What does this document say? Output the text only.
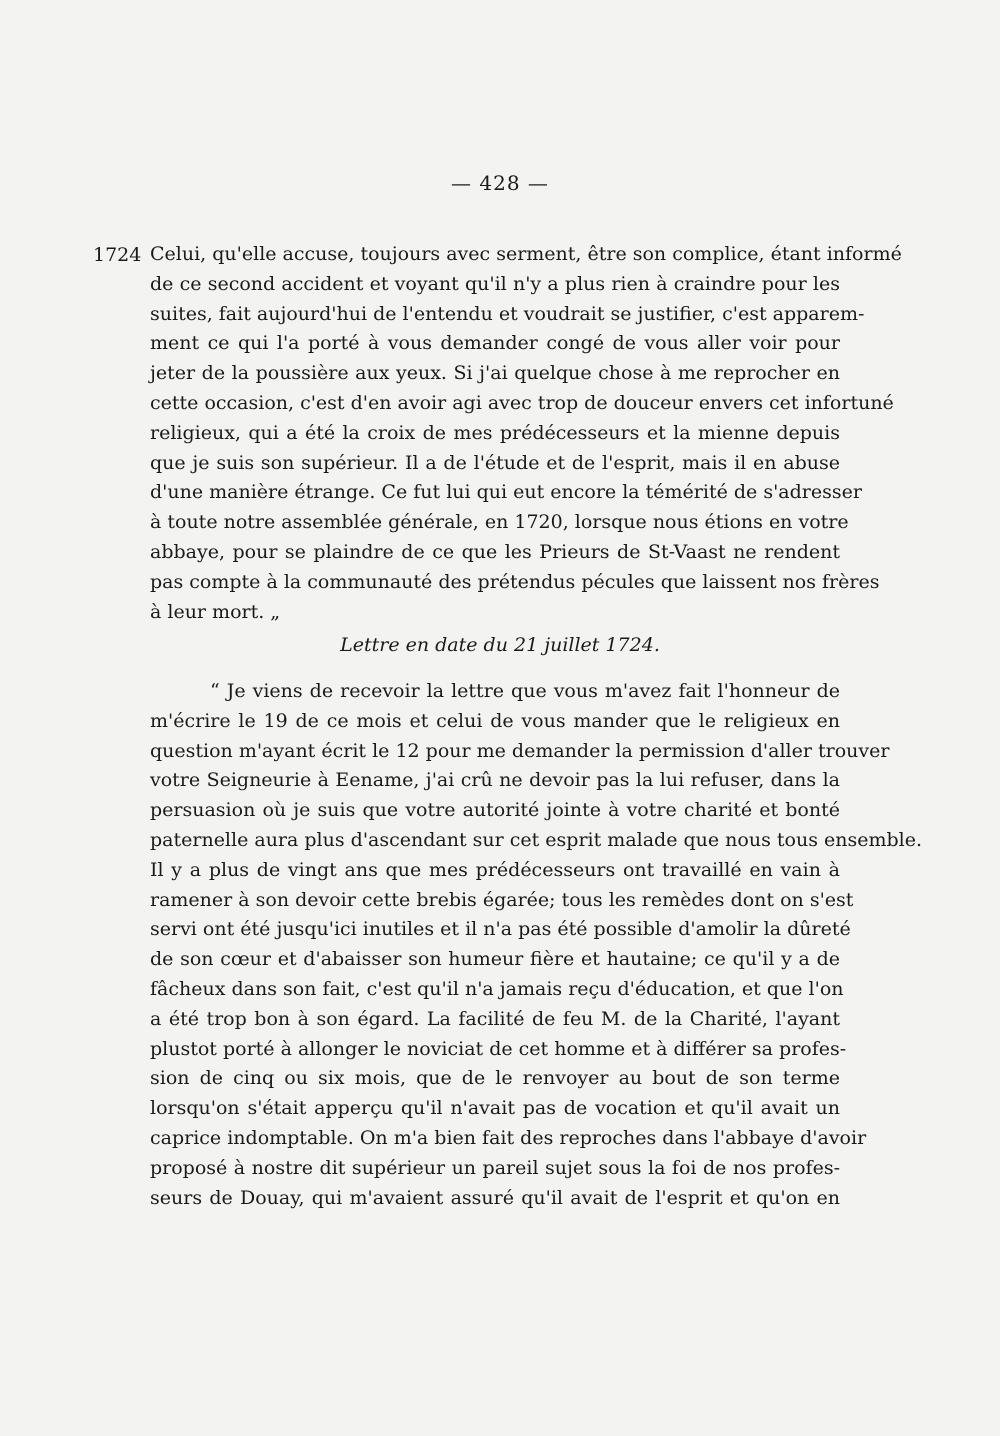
— 428 —
1724 Celui, qu'elle accuse, toujours avec serment, être son complice, étant informé
de ce second accident et voyant qu'il n'y a plus rien à craindre pour les
suites, fait aujourd'hui de l'entendu et voudrait se justifier, c'est apparem-
ment ce qui l'a porté à vous demander congé de vous aller voir pour
jeter de la poussière aux yeux. Si j'ai quelque chose à me reprocher en
cette occasion, c'est d'en avoir agi avec trop de douceur envers cet infortuné
religieux, qui a été la croix de mes prédécesseurs et la mienne depuis
que je suis son supérieur. Il a de l'étude et de l'esprit, mais il en abuse
d'une manière étrange. Ce fut lui qui eut encore la témérité de s'adresser
à toute notre assemblée générale, en 1720, lorsque nous étions en votre
abbaye, pour se plaindre de ce que les Prieurs de St-Vaast ne rendent
pas compte à la communauté des prétendus pécules que laissent nos frères
à leur mort. „
Lettre en date du 21 juillet 1724.
“ Je viens de recevoir la lettre que vous m'avez fait l'honneur de
m'écrire le 19 de ce mois et celui de vous mander que le religieux en
question m'ayant écrit le 12 pour me demander la permission d'aller trouver
votre Seigneurie à Eename, j'ai crû ne devoir pas la lui refuser, dans la
persuasion où je suis que votre autorité jointe à votre charité et bonté
paternelle aura plus d'ascendant sur cet esprit malade que nous tous ensemble.
Il y a plus de vingt ans que mes prédécesseurs ont travaillé en vain à
ramener à son devoir cette brebis égarée; tous les remèdes dont on s'est
servi ont été jusqu'ici inutiles et il n'a pas été possible d'amolir la dûreté
de son cœur et d'abaisser son humeur fière et hautaine; ce qu'il y a de
fâcheux dans son fait, c'est qu'il n'a jamais reçu d'éducation, et que l'on
a été trop bon à son égard. La facilité de feu M. de la Charité, l'ayant
plustot porté à allonger le noviciat de cet homme et à différer sa profes-
sion de cinq ou six mois, que de le renvoyer au bout de son terme
lorsqu'on s'était apperçu qu'il n'avait pas de vocation et qu'il avait un
caprice indomptable. On m'a bien fait des reproches dans l'abbaye d'avoir
proposé à nostre dit supérieur un pareil sujet sous la foi de nos profes-
seurs de Douay, qui m'avaient assuré qu'il avait de l'esprit et qu'on en
